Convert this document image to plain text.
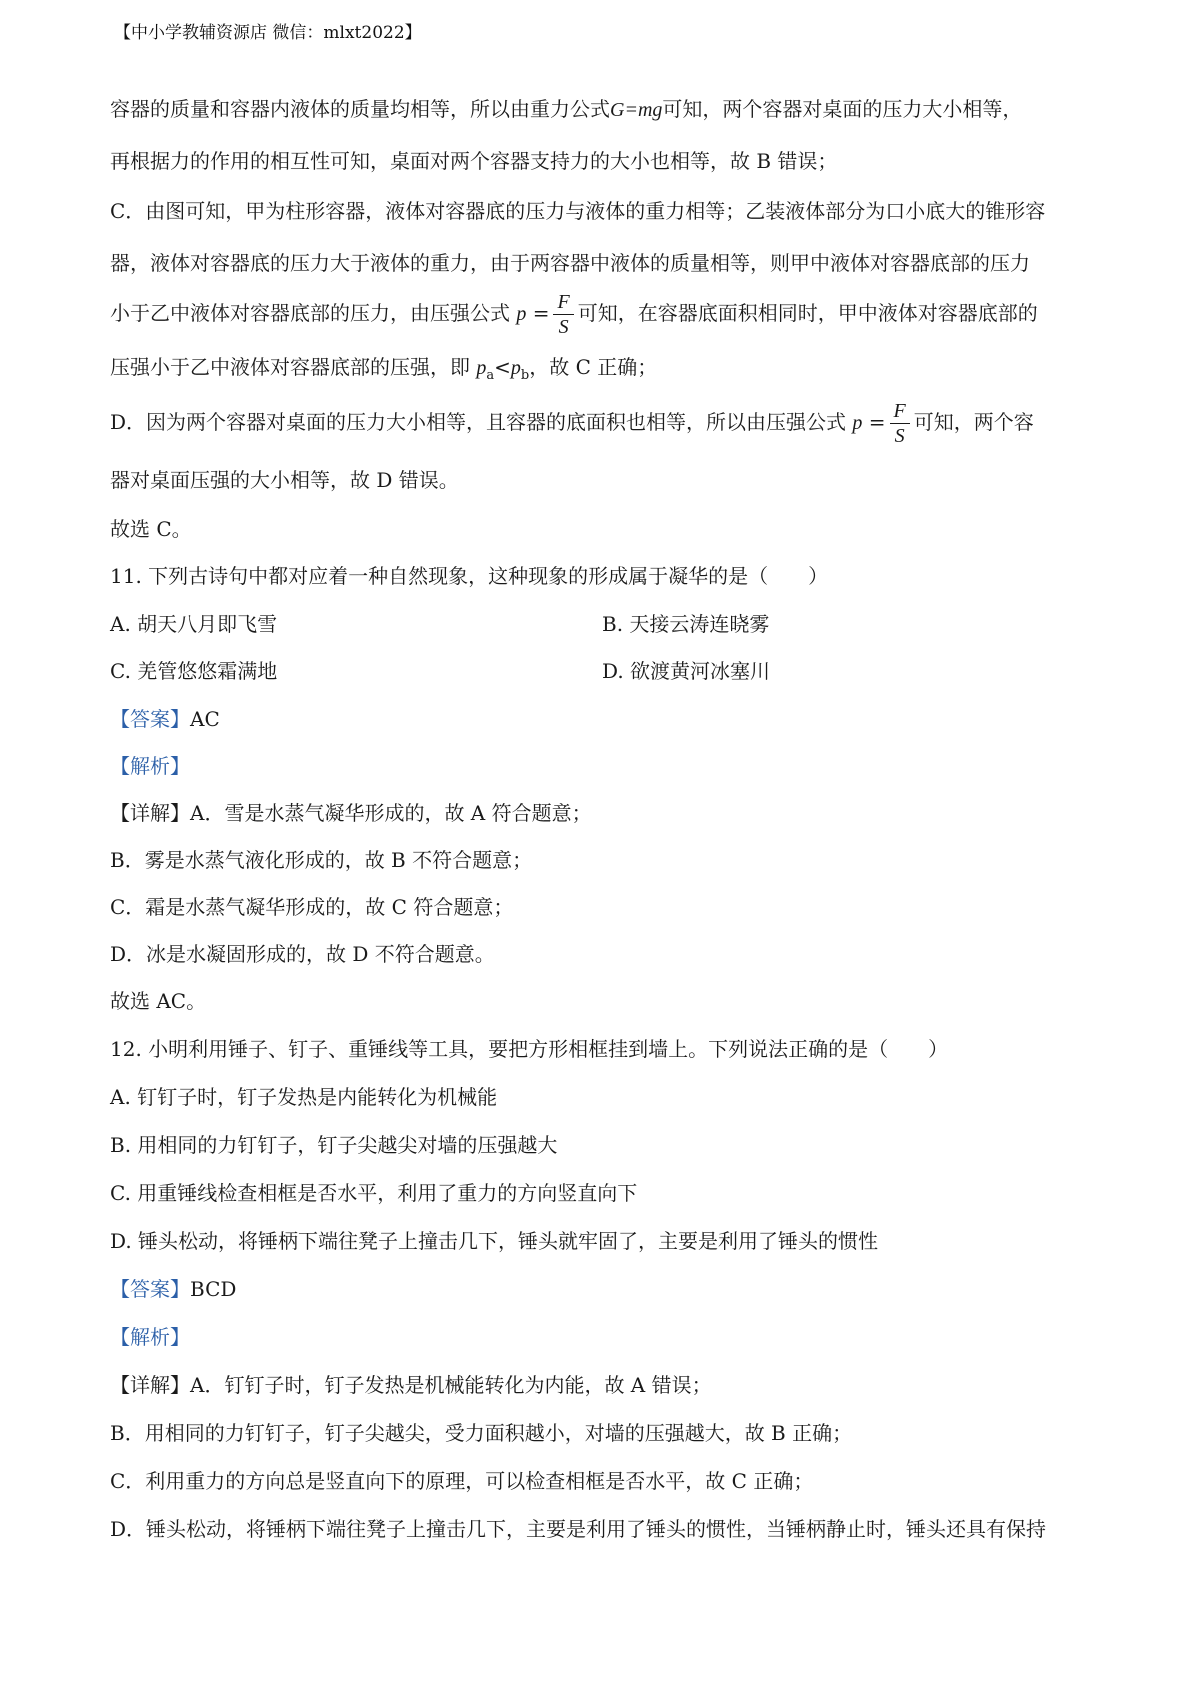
【中小学教辅资源店 微信：mlxt2022】
容器的质量和容器内液体的质量均相等，所以由重力公式G=mg可知，两个容器对桌面的压力大小相等，
再根据力的作用的相互性可知，桌面对两个容器支持力的大小也相等，故 B 错误；
C．由图可知，甲为柱形容器，液体对容器底的压力与液体的重力相等；乙装液体部分为口小底大的锥形容
器，液体对容器底的压力大于液体的重力，由于两容器中液体的质量相等，则甲中液体对容器底部的压力
小于乙中液体对容器底部的压力，由压强公式 $p = \frac{F}{S}$ 可知，在容器底面积相同时，甲中液体对容器底部的
压强小于乙中液体对容器底部的压强，即 $p_a<p_b$，故 C 正确；
D．因为两个容器对桌面的压力大小相等，且容器的底面积也相等，所以由压强公式 $p = \frac{F}{S}$ 可知，两个容
器对桌面压强的大小相等，故 D 错误。
故选 C。
11. 下列古诗句中都对应着一种自然现象，这种现象的形成属于凝华的是（　　）
A. 胡天八月即飞雪	B. 天接云涛连晓雾
C. 羌管悠悠霜满地	D. 欲渡黄河冰塞川
【答案】AC
【解析】
【详解】A．雪是水蒸气凝华形成的，故 A 符合题意；
B．雾是水蒸气液化形成的，故 B 不符合题意；
C．霜是水蒸气凝华形成的，故 C 符合题意；
D．冰是水凝固形成的，故 D 不符合题意。
故选 AC。
12. 小明利用锤子、钉子、重锤线等工具，要把方形相框挂到墙上。下列说法正确的是（　　）
A. 钉钉子时，钉子发热是内能转化为机械能
B. 用相同的力钉钉子，钉子尖越尖对墙的压强越大
C. 用重锤线检查相框是否水平，利用了重力的方向竖直向下
D. 锤头松动，将锤柄下端往凳子上撞击几下，锤头就牢固了，主要是利用了锤头的惯性
【答案】BCD
【解析】
【详解】A．钉钉子时，钉子发热是机械能转化为内能，故 A 错误；
B．用相同的力钉钉子，钉子尖越尖，受力面积越小，对墙的压强越大，故 B 正确；
C．利用重力的方向总是竖直向下的原理，可以检查相框是否水平，故 C 正确；
D．锤头松动，将锤柄下端往凳子上撞击几下，主要是利用了锤头的惯性，当锤柄静止时，锤头还具有保持
